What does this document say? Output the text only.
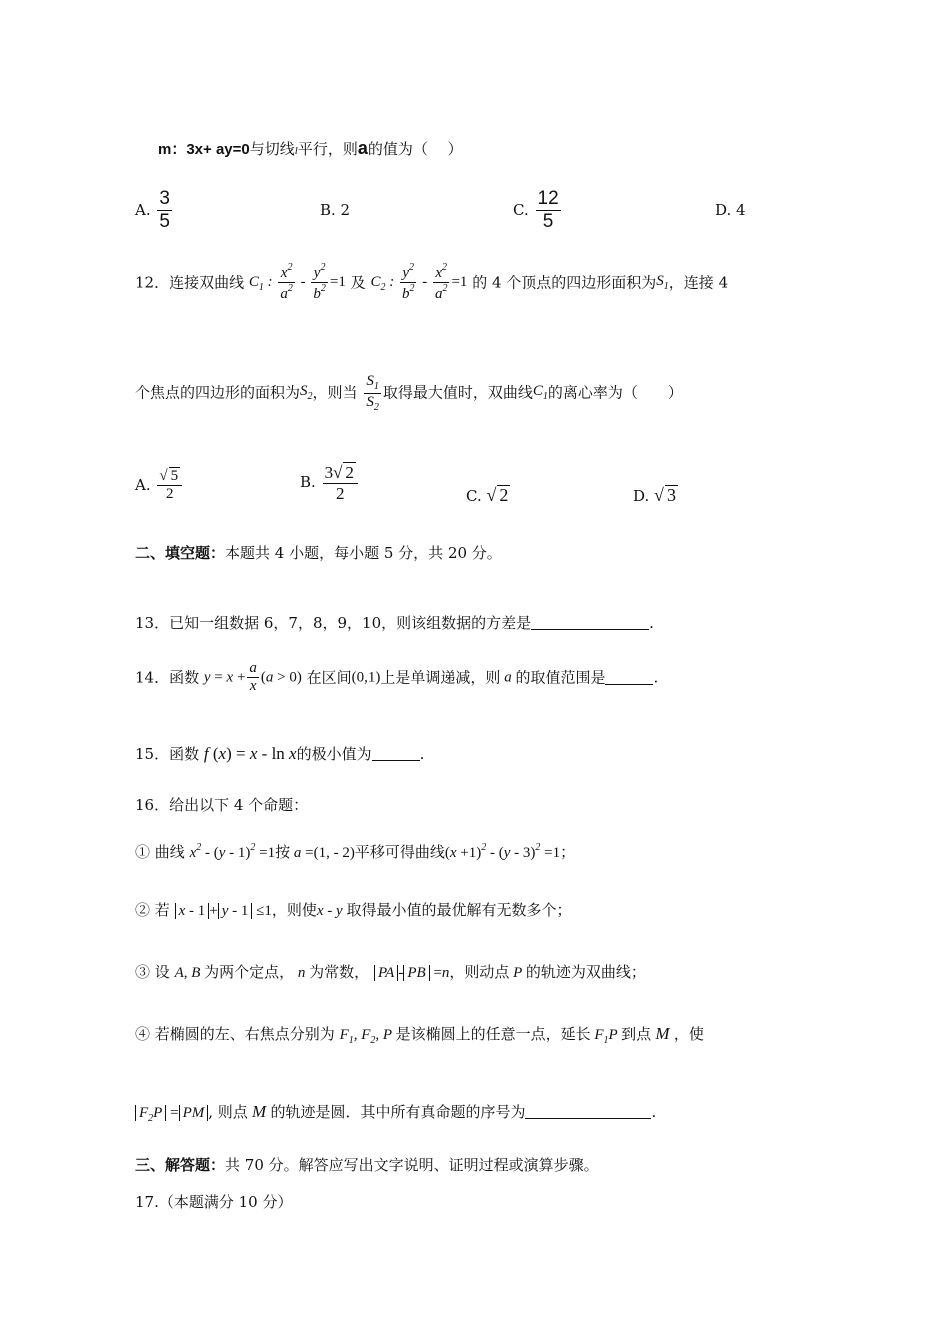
m：3x+ ay=0与切线l平行，则a的值为（　 ）
A. $\frac{3}{5}$	B. 2	C. $\frac{12}{5}$	D. 4
12．连接双曲线 $C_1$ : $\frac{x^2}{a^2} - \frac{y^2}{b^2} =1$ 及 $C_2$ : $\frac{y^2}{b^2} - \frac{x^2}{a^2} =1$ 的 4 个顶点的四边形面积为$S_1$，连接 4
个焦点的四边形的面积为$S_2$，则当 $\frac{S_1}{S_2}$ 取得最大值时，双曲线$C_1$的离心率为（　　）
A. $\frac{√ 5}{2}$	B. $\frac{3√ 2}{2}$	C. √ 2	D. √ 3
二、填空题：本题共 4 小题，每小题 5 分，共 20 分。
13．已知一组数据 6，7，8，9，10，则该组数据的方差是	.
14．函数 $y = x + \frac{a}{x} (a > 0)$ 在区间(0,1)上是单调递减，则 a 的取值范围是	.
15．函数 f (x) = x - ln x的极小值为	.
16．给出以下 4 个命题：
① 曲线 $x^2 - (y - 1)^2 =1$按 a =(1, - 2)平移可得曲线$(x +1)^2 - (y - 3)^2 =1$；
② 若 x - 1 + y - 1 ≤1，则使x - y 取得最小值的最优解有无数多个；
③ 设 A, B 为两个定点， n 为常数， PA - PB =n，则动点 P 的轨迹为双曲线；
④ 若椭圆的左、右焦点分别为 $F_1$, $F_2$, P 是该椭圆上的任意一点，延长 $F_1P$ 到点 M ，使
$F_2P$ = PM , 则点 M 的轨迹是圆．其中所有真命题的序号为	.
三、解答题：共 70 分。解答应写出文字说明、证明过程或演算步骤。
17.（本题满分 10 分）
